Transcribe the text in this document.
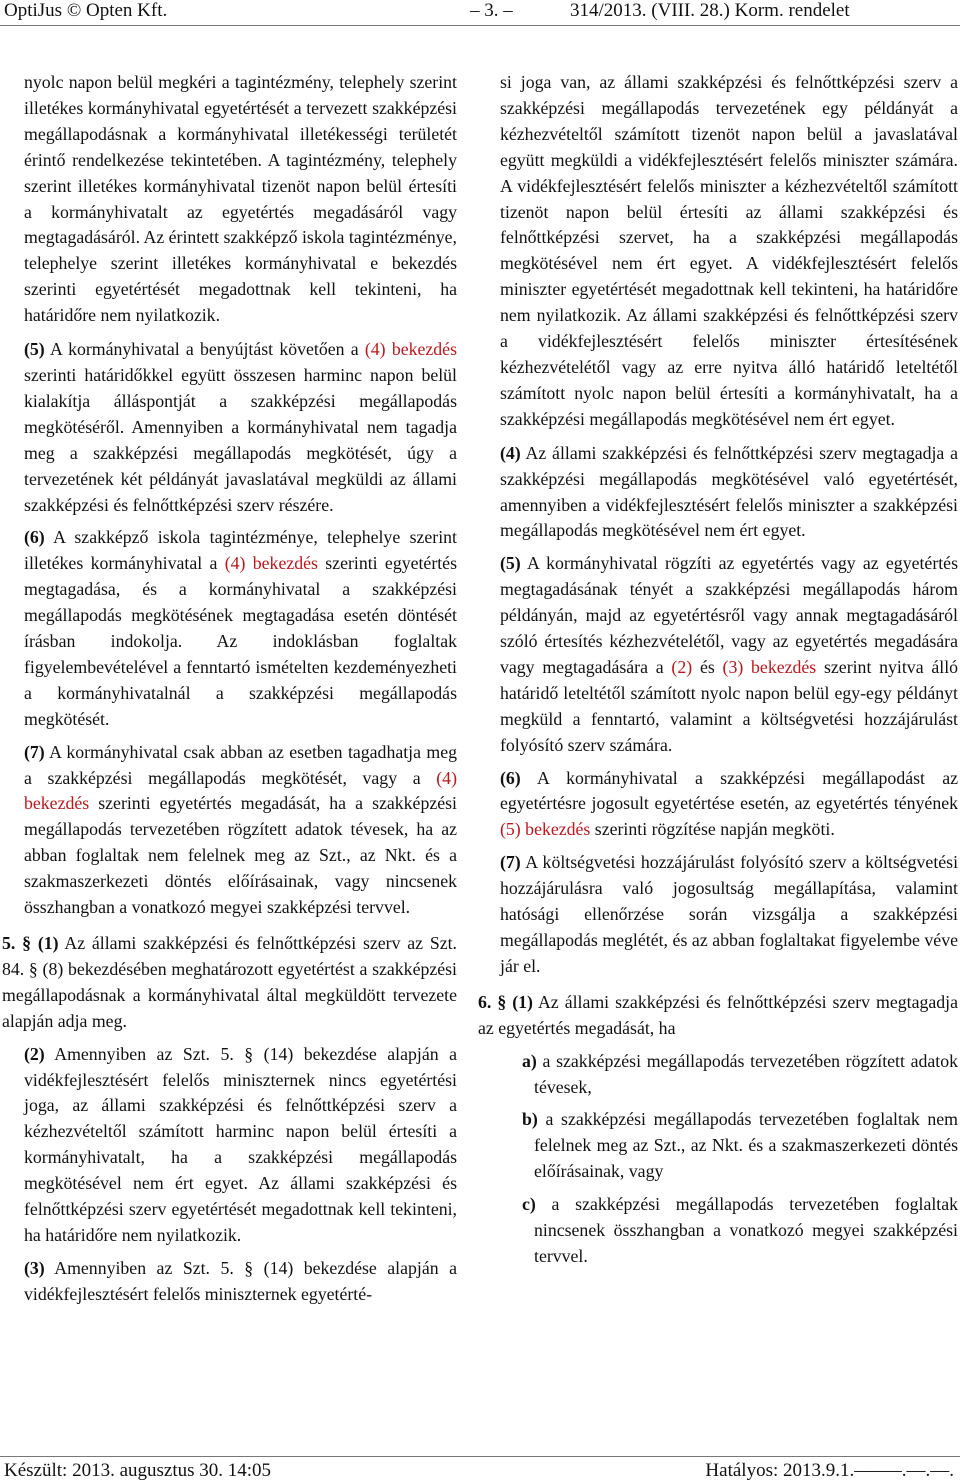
OptiJus © Opten Kft.	– 3. –	314/2013. (VIII. 28.) Korm. rendelet

nyolc napon belül megkéri a tagintézmény, telephely szerint illetékes kormányhivatal egyetértését a tervezett szakképzési megállapodásnak a kormányhivatal illetékességi területét érintő rendelkezése tekintetében. A tagintézmény, telephely szerint illetékes kormányhivatal tizenöt napon belül értesíti a kormányhivatalt az egyetértés megadásáról vagy megtagadásáról. Az érintett szakképző iskola tagintézménye, telephelye szerint illetékes kormányhivatal e bekezdés szerinti egyetértését megadottnak kell tekinteni, ha határidőre nem nyilatkozik.

(5) A kormányhivatal a benyújtást követően a (4) bekezdés szerinti határidőkkel együtt összesen harminc napon belül kialakítja álláspontját a szakképzési megállapodás megkötéséről. Amennyiben a kormányhivatal nem tagadja meg a szakképzési megállapodás megkötését, úgy a tervezetének két példányát javaslatával megküldi az állami szakképzési és felnőttképzési szerv részére.

(6) A szakképző iskola tagintézménye, telephelye szerint illetékes kormányhivatal a (4) bekezdés szerinti egyetértés megtagadása, és a kormányhivatal a szakképzési megállapodás megkötésének megtagadása esetén döntését írásban indokolja. Az indoklásban foglaltak figyelembevételével a fenntartó ismételten kezdeményezheti a kormányhivatalnál a szakképzési megállapodás megkötését.

(7) A kormányhivatal csak abban az esetben tagadhatja meg a szakképzési megállapodás megkötését, vagy a (4) bekezdés szerinti egyetértés megadását, ha a szakképzési megállapodás tervezetében rögzített adatok tévesek, ha az abban foglaltak nem felelnek meg az Szt., az Nkt. és a szakmaszerkezeti döntés előírásainak, vagy nincsenek összhangban a vonatkozó megyei szakképzési tervvel.

5. § (1) Az állami szakképzési és felnőttképzési szerv az Szt. 84. § (8) bekezdésében meghatározott egyetértést a szakképzési megállapodásnak a kormányhivatal által megküldött tervezete alapján adja meg.

(2) Amennyiben az Szt. 5. § (14) bekezdése alapján a vidékfejlesztésért felelős miniszternek nincs egyetértési joga, az állami szakképzési és felnőttképzési szerv a kézhezvételtől számított harminc napon belül értesíti a kormányhivatalt, ha a szakképzési megállapodás megkötésével nem ért egyet. Az állami szakképzési és felnőttképzési szerv egyetértését megadottnak kell tekinteni, ha határidőre nem nyilatkozik.

(3) Amennyiben az Szt. 5. § (14) bekezdése alapján a vidékfejlesztésért felelős miniszternek egyetérté-

si joga van, az állami szakképzési és felnőttképzési szerv a szakképzési megállapodás tervezetének egy példányát a kézhezvételtől számított tizenöt napon belül a javaslatával együtt megküldi a vidékfejlesztésért felelős miniszter számára. A vidékfejlesztésért felelős miniszter a kézhezvételtől számított tizenöt napon belül értesíti az állami szakképzési és felnőttképzési szervet, ha a szakképzési megállapodás megkötésével nem ért egyet. A vidékfejlesztésért felelős miniszter egyetértését megadottnak kell tekinteni, ha határidőre nem nyilatkozik. Az állami szakképzési és felnőttképzési szerv a vidékfejlesztésért felelős miniszter értesítésének kézhezvételétől vagy az erre nyitva álló határidő leteltétől számított nyolc napon belül értesíti a kormányhivatalt, ha a szakképzési megállapodás megkötésével nem ért egyet.

(4) Az állami szakképzési és felnőttképzési szerv megtagadja a szakképzési megállapodás megkötésével való egyetértését, amennyiben a vidékfejlesztésért felelős miniszter a szakképzési megállapodás megkötésével nem ért egyet.

(5) A kormányhivatal rögzíti az egyetértés vagy az egyetértés megtagadásának tényét a szakképzési megállapodás három példányán, majd az egyetértésről vagy annak megtagadásáról szóló értesítés kézhezvételétől, vagy az egyetértés megadására vagy megtagadására a (2) és (3) bekezdés szerint nyitva álló határidő leteltétől számított nyolc napon belül egy-egy példányt megküld a fenntartó, valamint a költségvetési hozzájárulást folyósító szerv számára.

(6) A kormányhivatal a szakképzési megállapodást az egyetértésre jogosult egyetértése esetén, az egyetértés tényének (5) bekezdés szerinti rögzítése napján megköti.

(7) A költségvetési hozzájárulást folyósító szerv a költségvetési hozzájárulásra való jogosultság megállapítása, valamint hatósági ellenőrzése során vizsgálja a szakképzési megállapodás meglétét, és az abban foglaltakat figyelembe véve jár el.

6. § (1) Az állami szakképzési és felnőttképzési szerv megtagadja az egyetértés megadását, ha

a) a szakképzési megállapodás tervezetében rögzített adatok tévesek,

b) a szakképzési megállapodás tervezetében foglaltak nem felelnek meg az Szt., az Nkt. és a szakmaszerkezeti döntés előírásainak, vagy

c) a szakképzési megállapodás tervezetében foglaltak nincsenek összhangban a vonatkozó megyei szakképzési tervvel.

Készült: 2013. augusztus 30. 14:05	Hatályos: 2013.9.1.–––––.––.––.
